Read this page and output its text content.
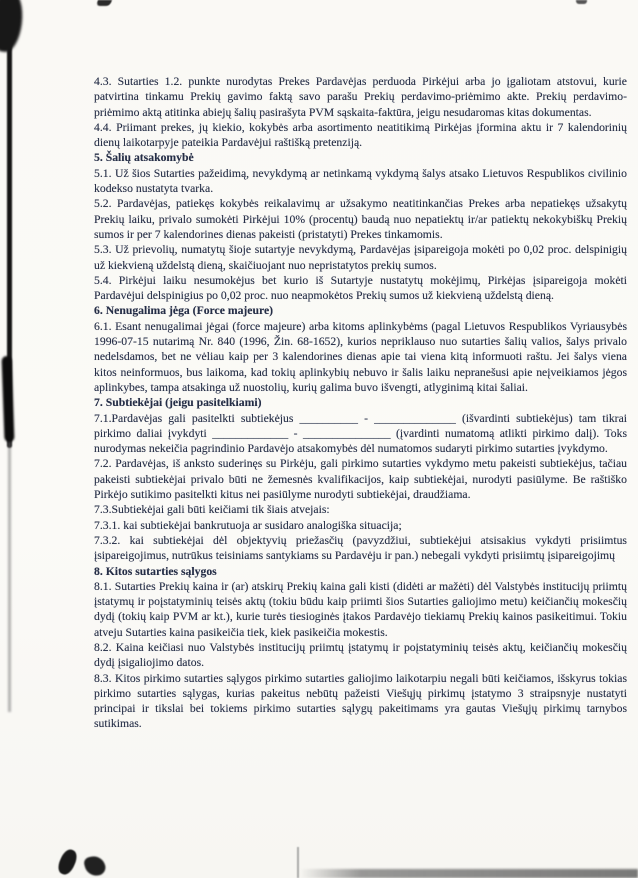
4.3. Sutarties 1.2. punkte nurodytas Prekes Pardavėjas perduoda Pirkėjui arba jo įgaliotam atstovui, kurie patvirtina tinkamu Prekių gavimo faktą savo parašu Prekių perdavimo-priėmimo akte. Prekių perdavimo-priėmimo aktą atitinka abiejų šalių pasirašyta PVM sąskaita-faktūra, jeigu nesudaromas kitas dokumentas.

4.4. Priimant prekes, jų kiekio, kokybės arba asortimento neatitikimą Pirkėjas įformina aktu ir 7 kalendorinių dienų laikotarpyje pateikia Pardavėjui raštišką pretenziją.

5. Šalių atsakomybė

5.1. Už šios Sutarties pažeidimą, nevykdymą ar netinkamą vykdymą šalys atsako Lietuvos Respublikos civilinio kodekso nustatyta tvarka.

5.2. Pardavėjas, patiekęs kokybės reikalavimų ar užsakymo neatitinkančias Prekes arba nepatiekęs užsakytų Prekių laiku, privalo sumokėti Pirkėjui 10% (procentų) baudą nuo nepatiektų ir/ar patiektų nekokybiškų Prekių sumos ir per 7 kalendorines dienas pakeisti (pristatyti) Prekes tinkamomis.

5.3. Už prievolių, numatytų šioje sutartyje nevykdymą, Pardavėjas įsipareigoja mokėti po 0,02 proc. delspinigių už kiekvieną uždelstą dieną, skaičiuojant nuo nepristatytos prekių sumos.

5.4. Pirkėjui laiku nesumokėjus bet kurio iš Sutartyje nustatytų mokėjimų, Pirkėjas įsipareigoja mokėti Pardavėjui delspinigius po 0,02 proc. nuo neapmokėtos Prekių sumos už kiekvieną uždelstą dieną.

6. Nenugalima jėga (Force majeure)

6.1. Esant nenugalimai jėgai (force majeure) arba kitoms aplinkybėms (pagal Lietuvos Respublikos Vyriausybės 1996-07-15 nutarimą Nr. 840 (1996, Žin. 68-1652), kurios nepriklauso nuo sutarties šalių valios, šalys privalo nedelsdamos, bet ne vėliau kaip per 3 kalendorines dienas apie tai viena kitą informuoti raštu. Jei šalys viena kitos neinformuos, bus laikoma, kad tokių aplinkybių nebuvo ir šalis laiku nepranešusi apie neįveikiamos jėgos aplinkybes, tampa atsakinga už nuostolių, kurių galima buvo išvengti, atlyginimą kitai šaliai.

7. Subtiekėjai (jeigu pasitelkiami)

7.1.Pardavėjas gali pasitelkti subtiekėjus __________ - ______________ (išvardinti subtiekėjus) tam tikrai pirkimo daliai įvykdyti _____________ - _______________ (įvardinti numatomą atlikti pirkimo dalį). Toks nurodymas nekeičia pagrindinio Pardavėjo atsakomybės dėl numatomos sudaryti pirkimo sutarties įvykdymo.

7.2. Pardavėjas, iš anksto suderinęs su Pirkėju, gali pirkimo sutarties vykdymo metu pakeisti subtiekėjus, tačiau pakeisti subtiekėjai privalo būti ne žemesnės kvalifikacijos, kaip subtiekėjai, nurodyti pasiūlyme. Be raštiško Pirkėjo sutikimo pasitelkti kitus nei pasiūlyme nurodyti subtiekėjai, draudžiama.

7.3.Subtiekėjai gali būti keičiami tik šiais atvejais:

7.3.1. kai subtiekėjai bankrutuoja ar susidaro analogiška situacija;

7.3.2. kai subtiekėjai dėl objektyvių priežasčių (pavyzdžiui, subtiekėjui atsisakius vykdyti prisiimtus įsipareigojimus, nutrūkus teisiniams santykiams su Pardavėju ir pan.) nebegali vykdyti prisiimtų įsipareigojimų

8. Kitos sutarties sąlygos

8.1. Sutarties Prekių kaina ir (ar) atskirų Prekių kaina gali kisti (didėti ar mažėti) dėl Valstybės institucijų priimtų įstatymų ir poįstatyminių teisės aktų (tokiu būdu kaip priimti šios Sutarties galiojimo metu) keičiančių mokesčių dydį (tokių kaip PVM ar kt.), kurie turės tiesioginės įtakos Pardavėjo tiekiamų Prekių kainos pasikeitimui. Tokiu atveju Sutarties kaina pasikeičia tiek, kiek pasikeičia mokestis.

8.2. Kaina keičiasi nuo Valstybės institucijų priimtų įstatymų ir poįstatyminių teisės aktų, keičiančių mokesčių dydį įsigaliojimo datos.

8.3. Kitos pirkimo sutarties sąlygos pirkimo sutarties galiojimo laikotarpiu negali būti keičiamos, išskyrus tokias pirkimo sutarties sąlygas, kurias pakeitus nebūtų pažeisti Viešųjų pirkimų įstatymo 3 straipsnyje nustatyti principai ir tikslai bei tokiems pirkimo sutarties sąlygų pakeitimams yra gautas Viešųjų pirkimų tarnybos sutikimas.
